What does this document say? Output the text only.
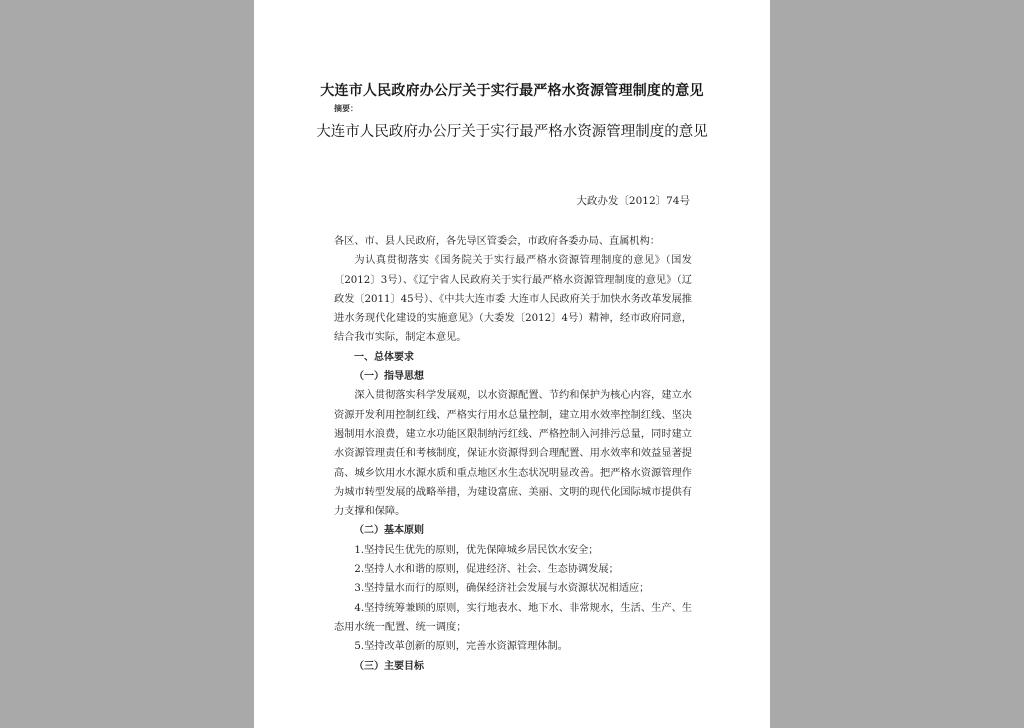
大连市人民政府办公厅关于实行最严格水资源管理制度的意见
摘要：
大连市人民政府办公厅关于实行最严格水资源管理制度的意见
大政办发〔2012〕74号

各区、市、县人民政府，各先导区管委会，市政府各委办局、直属机构：

为认真贯彻落实《国务院关于实行最严格水资源管理制度的意见》（国发〔2012〕3号）、《辽宁省人民政府关于实行最严格水资源管理制度的意见》（辽政发〔2011〕45号）、《中共大连市委 大连市人民政府关于加快水务改革发展推进水务现代化建设的实施意见》（大委发〔2012〕4号）精神，经市政府同意，结合我市实际，制定本意见。

一、总体要求

（一）指导思想

深入贯彻落实科学发展观，以水资源配置、节约和保护为核心内容，建立水资源开发利用控制红线、严格实行用水总量控制，建立用水效率控制红线、坚决遏制用水浪费，建立水功能区限制纳污红线、严格控制入河排污总量，同时建立水资源管理责任和考核制度，保证水资源得到合理配置、用水效率和效益显著提高、城乡饮用水水源水质和重点地区水生态状况明显改善。把严格水资源管理作为城市转型发展的战略举措，为建设富庶、美丽、文明的现代化国际城市提供有力支撑和保障。

（二）基本原则

1.坚持民生优先的原则，优先保障城乡居民饮水安全；

2.坚持人水和谐的原则，促进经济、社会、生态协调发展；

3.坚持量水而行的原则，确保经济社会发展与水资源状况相适应；

4.坚持统筹兼顾的原则，实行地表水、地下水、非常规水，生活、生产、生态用水统一配置、统一调度；

5.坚持改革创新的原则，完善水资源管理体制。

（三）主要目标
